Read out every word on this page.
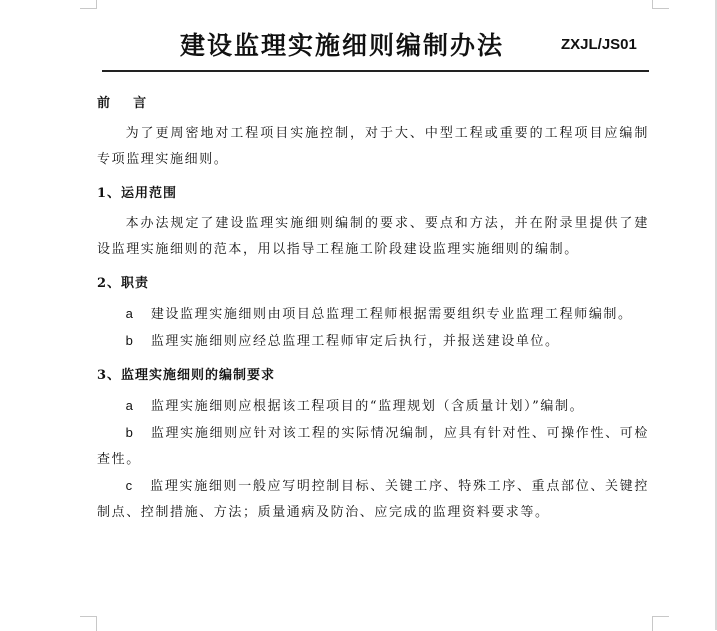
建设监理实施细则编制办法	ZXJL/JS01

前    言

为了更周密地对工程项目实施控制，对于大、中型工程或重要的工程项目应编制专项监理实施细则。

1、运用范围

本办法规定了建设监理实施细则编制的要求、要点和方法，并在附录里提供了建设监理实施细则的范本，用以指导工程施工阶段建设监理实施细则的编制。

2、职责

a 建设监理实施细则由项目总监理工程师根据需要组织专业监理工程师编制。

b 监理实施细则应经总监理工程师审定后执行，并报送建设单位。

3、监理实施细则的编制要求

a 监理实施细则应根据该工程项目的“监理规划（含质量计划）”编制。

b 监理实施细则应针对该工程的实际情况编制，应具有针对性、可操作性、可检查性。

c 监理实施细则一般应写明控制目标、关键工序、特殊工序、重点部位、关键控制点、控制措施、方法；质量通病及防治、应完成的监理资料要求等。
